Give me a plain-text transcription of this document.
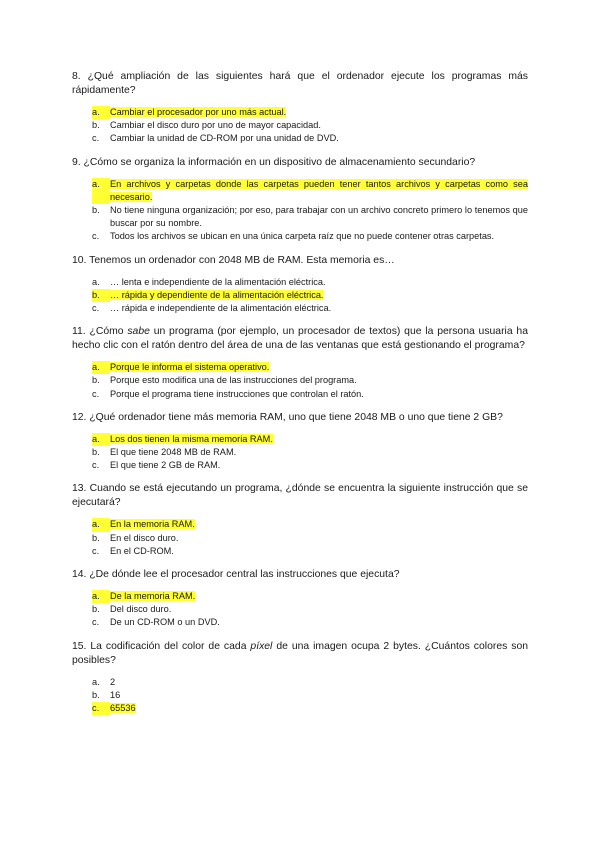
8. ¿Qué ampliación de las siguientes hará que el ordenador ejecute los programas más rápidamente?

a.	Cambiar el procesador por uno más actual.
b.	Cambiar el disco duro por uno de mayor capacidad.
c.	Cambiar la unidad de CD-ROM por una unidad de DVD.

9. ¿Cómo se organiza la información en un dispositivo de almacenamiento secundario?

a.	En archivos y carpetas donde las carpetas pueden tener tantos archivos y carpetas como sea necesario.
b.	No tiene ninguna organización; por eso, para trabajar con un archivo concreto primero lo tenemos que buscar por su nombre.
c.	Todos los archivos se ubican en una única carpeta raíz que no puede contener otras carpetas.

10. Tenemos un ordenador con 2048 MB de RAM. Esta memoria es…

a.	… lenta e independiente de la alimentación eléctrica.
b.	… rápida y dependiente de la alimentación eléctrica.
c.	… rápida e independiente de la alimentación eléctrica.

11. ¿Cómo sabe un programa (por ejemplo, un procesador de textos) que la persona usuaria ha hecho clic con el ratón dentro del área de una de las ventanas que está gestionando el programa?

a.	Porque le informa el sistema operativo.
b.	Porque esto modifica una de las instrucciones del programa.
c.	Porque el programa tiene instrucciones que controlan el ratón.

12. ¿Qué ordenador tiene más memoria RAM, uno que tiene 2048 MB o uno que tiene 2 GB?

a.	Los dos tienen la misma memoria RAM.
b.	El que tiene 2048 MB de RAM.
c.	El que tiene 2 GB de RAM.

13. Cuando se está ejecutando un programa, ¿dónde se encuentra la siguiente instrucción que se ejecutará?

a.	En la memoria RAM.
b.	En el disco duro.
c.	En el CD-ROM.

14. ¿De dónde lee el procesador central las instrucciones que ejecuta?

a.	De la memoria RAM.
b.	Del disco duro.
c.	De un CD-ROM o un DVD.

15. La codificación del color de cada píxel de una imagen ocupa 2 bytes. ¿Cuántos colores son posibles?

a.	2
b.	16
c.	65536
